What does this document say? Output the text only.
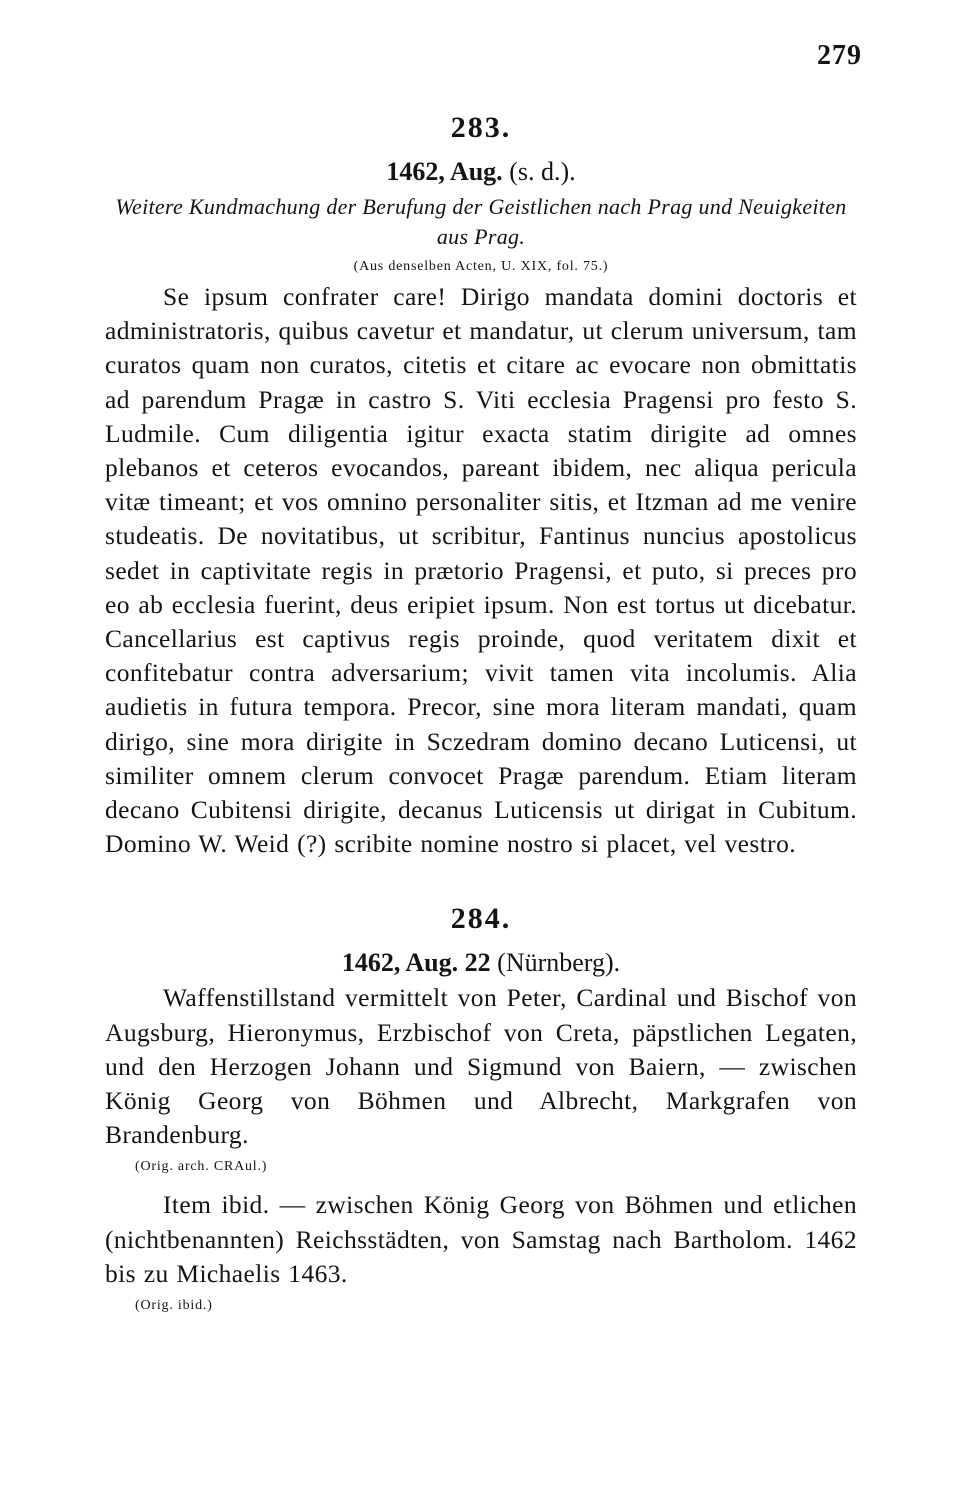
279
283.

1462, Aug. (s. d.).

Weitere Kundmachung der Berufung der Geistlichen nach Prag und Neuigkeiten aus Prag.

(Aus denselben Acten, U. XIX, fol. 75.)

Se ipsum confrater care! Dirigo mandata domini doctoris et administratoris, quibus cavetur et mandatur, ut clerum universum, tam curatos quam non curatos, citetis et citare ac evocare non obmittatis ad parendum Pragæ in castro S. Viti ecclesia Pragensi pro festo S. Ludmile. Cum diligentia igitur exacta statim dirigite ad omnes plebanos et ceteros evocandos, pareant ibidem, nec aliqua pericula vitæ timeant; et vos omnino personaliter sitis, et Itzman ad me venire studeatis. De novitatibus, ut scribitur, Fantinus nuncius apostolicus sedet in captivitate regis in prætorio Pragensi, et puto, si preces pro eo ab ecclesia fuerint, deus eripiet ipsum. Non est tortus ut dicebatur. Cancellarius est captivus regis proinde, quod veritatem dixit et confitebatur contra adversarium; vivit tamen vita incolumis. Alia audietis in futura tempora. Precor, sine mora literam mandati, quam dirigo, sine mora dirigite in Sczedram domino decano Luticensi, ut similiter omnem clerum convocet Pragæ parendum. Etiam literam decano Cubitensi dirigite, decanus Luticensis ut dirigat in Cubitum. Domino W. Weid (?) scribite nomine nostro si placet, vel vestro.

284.

1462, Aug. 22 (Nürnberg).

Waffenstillstand vermittelt von Peter, Cardinal und Bischof von Augsburg, Hieronymus, Erzbischof von Creta, päpstlichen Legaten, und den Herzogen Johann und Sigmund von Baiern, — zwischen König Georg von Böhmen und Albrecht, Markgrafen von Brandenburg.

(Orig. arch. CRAul.)

Item ibid. — zwischen König Georg von Böhmen und etlichen (nichtbenannten) Reichsstädten, von Samstag nach Bartholom. 1462 bis zu Michaelis 1463.

(Orig. ibid.)
